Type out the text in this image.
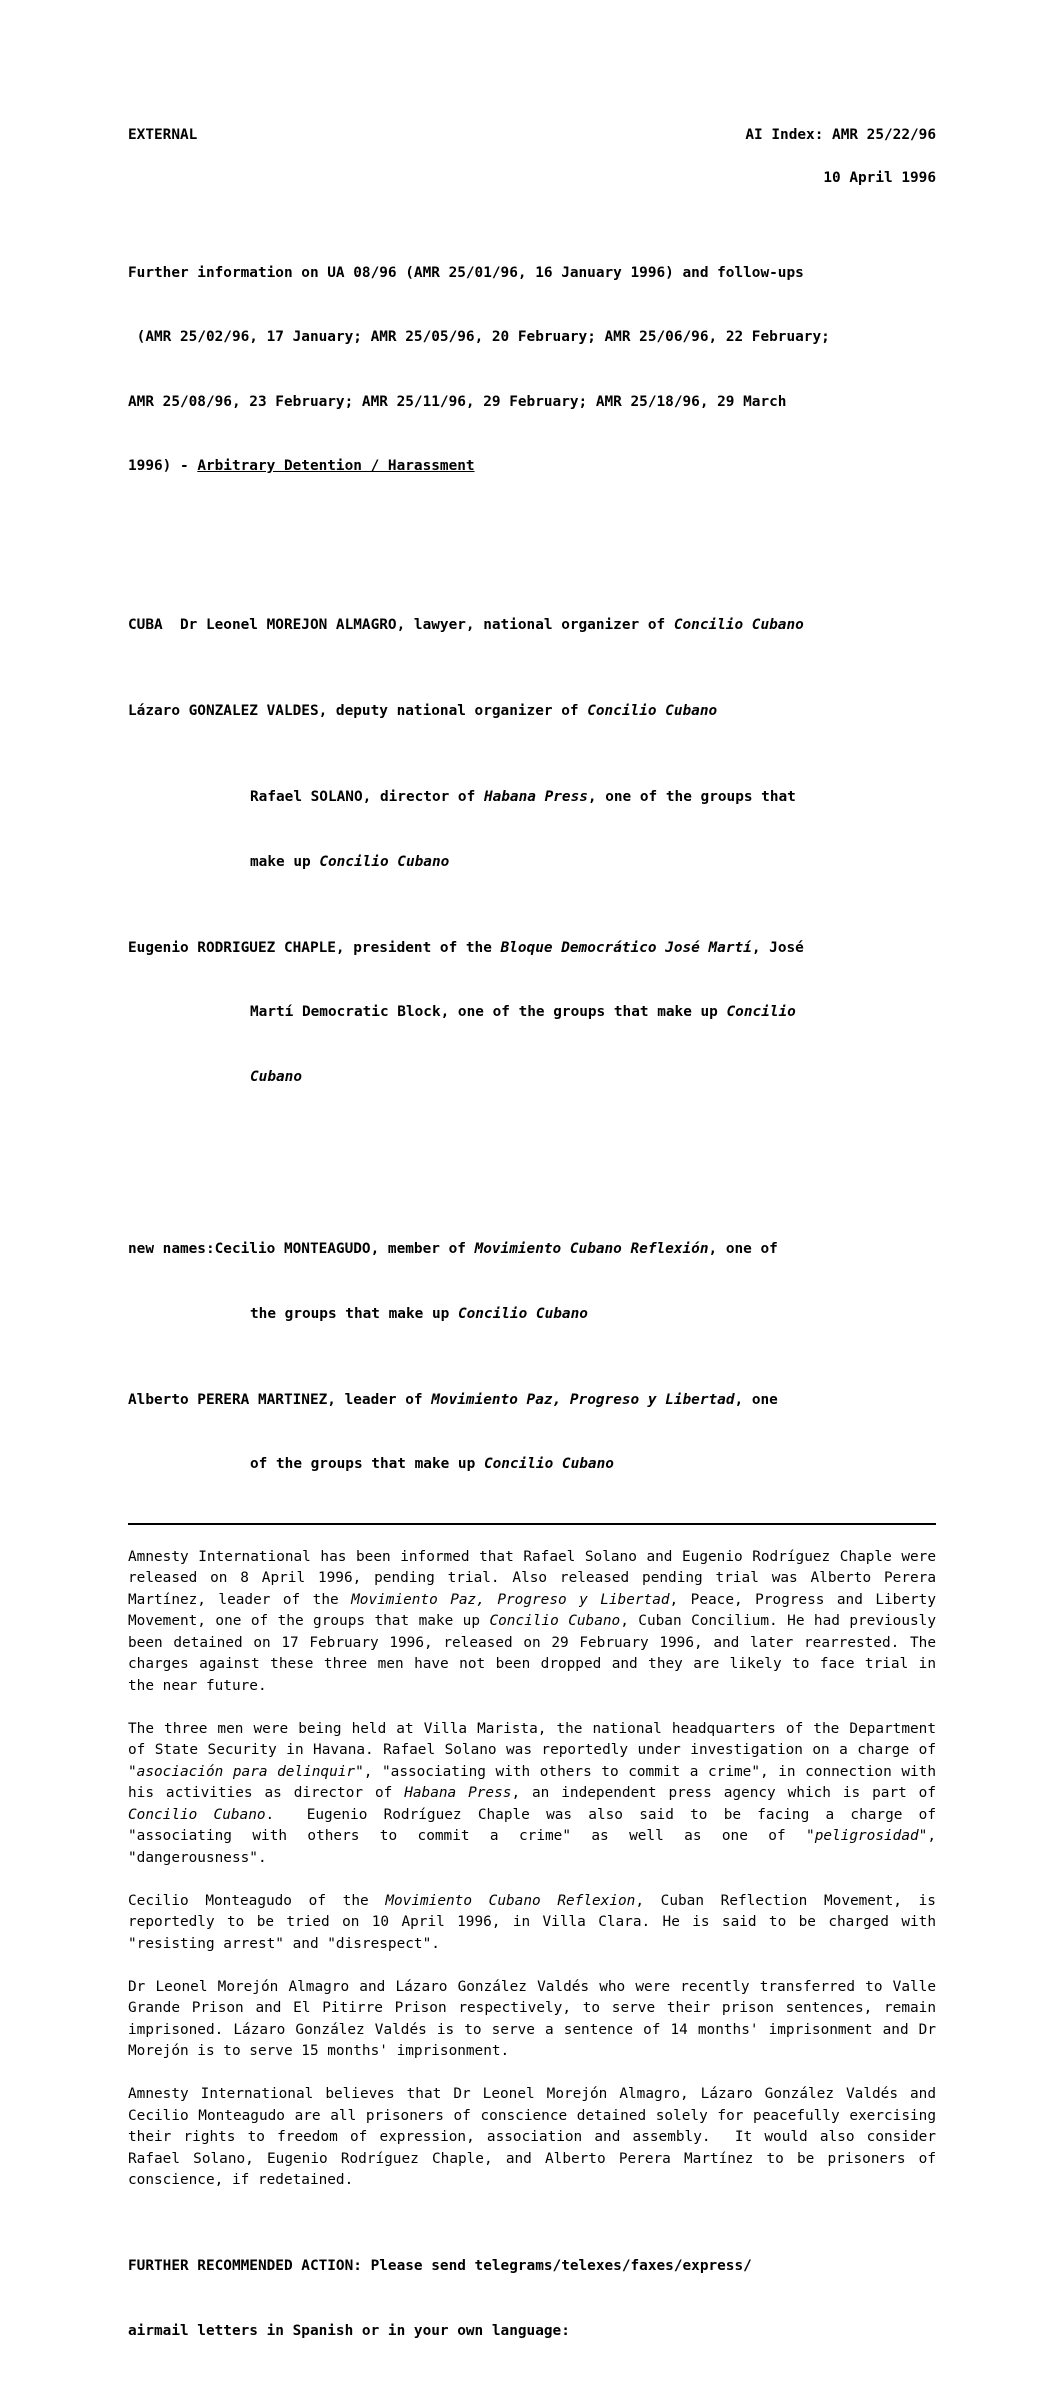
EXTERNAL	AI Index: AMR 25/22/96
10 April 1996

Further information on UA 08/96 (AMR 25/01/96, 16 January 1996) and follow-ups

(AMR 25/02/96, 17 January; AMR 25/05/96, 20 February; AMR 25/06/96, 22 February;

AMR 25/08/96, 23 February; AMR 25/11/96, 29 February; AMR 25/18/96, 29 March

1996) - Arbitrary Detention / Harassment

CUBA  Dr Leonel MOREJON ALMAGRO, lawyer, national organizer of Concilio Cubano

Lázaro GONZALEZ VALDES, deputy national organizer of Concilio Cubano

Rafael SOLANO, director of Habana Press, one of the groups that

make up Concilio Cubano

Eugenio RODRIGUEZ CHAPLE, president of the Bloque Democrático José Martí, José

Martí Democratic Block, one of the groups that make up Concilio

Cubano

new names:Cecilio MONTEAGUDO, member of Movimiento Cubano Reflexión, one of

the groups that make up Concilio Cubano

Alberto PERERA MARTINEZ, leader of Movimiento Paz, Progreso y Libertad, one

of the groups that make up Concilio Cubano

Amnesty International has been informed that Rafael Solano and Eugenio Rodríguez Chaple were released on 8 April 1996, pending trial. Also released pending trial was Alberto Perera Martínez, leader of the Movimiento Paz, Progreso y Libertad, Peace, Progress and Liberty Movement, one of the groups that make up Concilio Cubano, Cuban Concilium. He had previously been detained on 17 February 1996, released on 29 February 1996, and later rearrested. The charges against these three men have not been dropped and they are likely to face trial in the near future.

The three men were being held at Villa Marista, the national headquarters of the Department of State Security in Havana. Rafael Solano was reportedly under investigation on a charge of "asociación para delinquir", "associating with others to commit a crime", in connection with his activities as director of Habana Press, an independent press agency which is part of Concilio Cubano.  Eugenio Rodríguez Chaple was also said to be facing a charge of "associating with others to commit a crime" as well as one of "peligrosidad", "dangerousness".

Cecilio Monteagudo of the Movimiento Cubano Reflexion, Cuban Reflection Movement, is reportedly to be tried on 10 April 1996, in Villa Clara. He is said to be charged with "resisting arrest" and "disrespect".

Dr Leonel Morejón Almagro and Lázaro González Valdés who were recently transferred to Valle Grande Prison and El Pitirre Prison respectively, to serve their prison sentences, remain imprisoned. Lázaro González Valdés is to serve a sentence of 14 months' imprisonment and Dr Morejón is to serve 15 months' imprisonment.

Amnesty International believes that Dr Leonel Morejón Almagro, Lázaro González Valdés and Cecilio Monteagudo are all prisoners of conscience detained solely for peacefully exercising their rights to freedom of expression, association and assembly.  It would also consider Rafael Solano, Eugenio Rodríguez Chaple, and Alberto Perera Martínez to be prisoners of conscience, if redetained.

FURTHER RECOMMENDED ACTION: Please send telegrams/telexes/faxes/express/

airmail letters in Spanish or in your own language:
